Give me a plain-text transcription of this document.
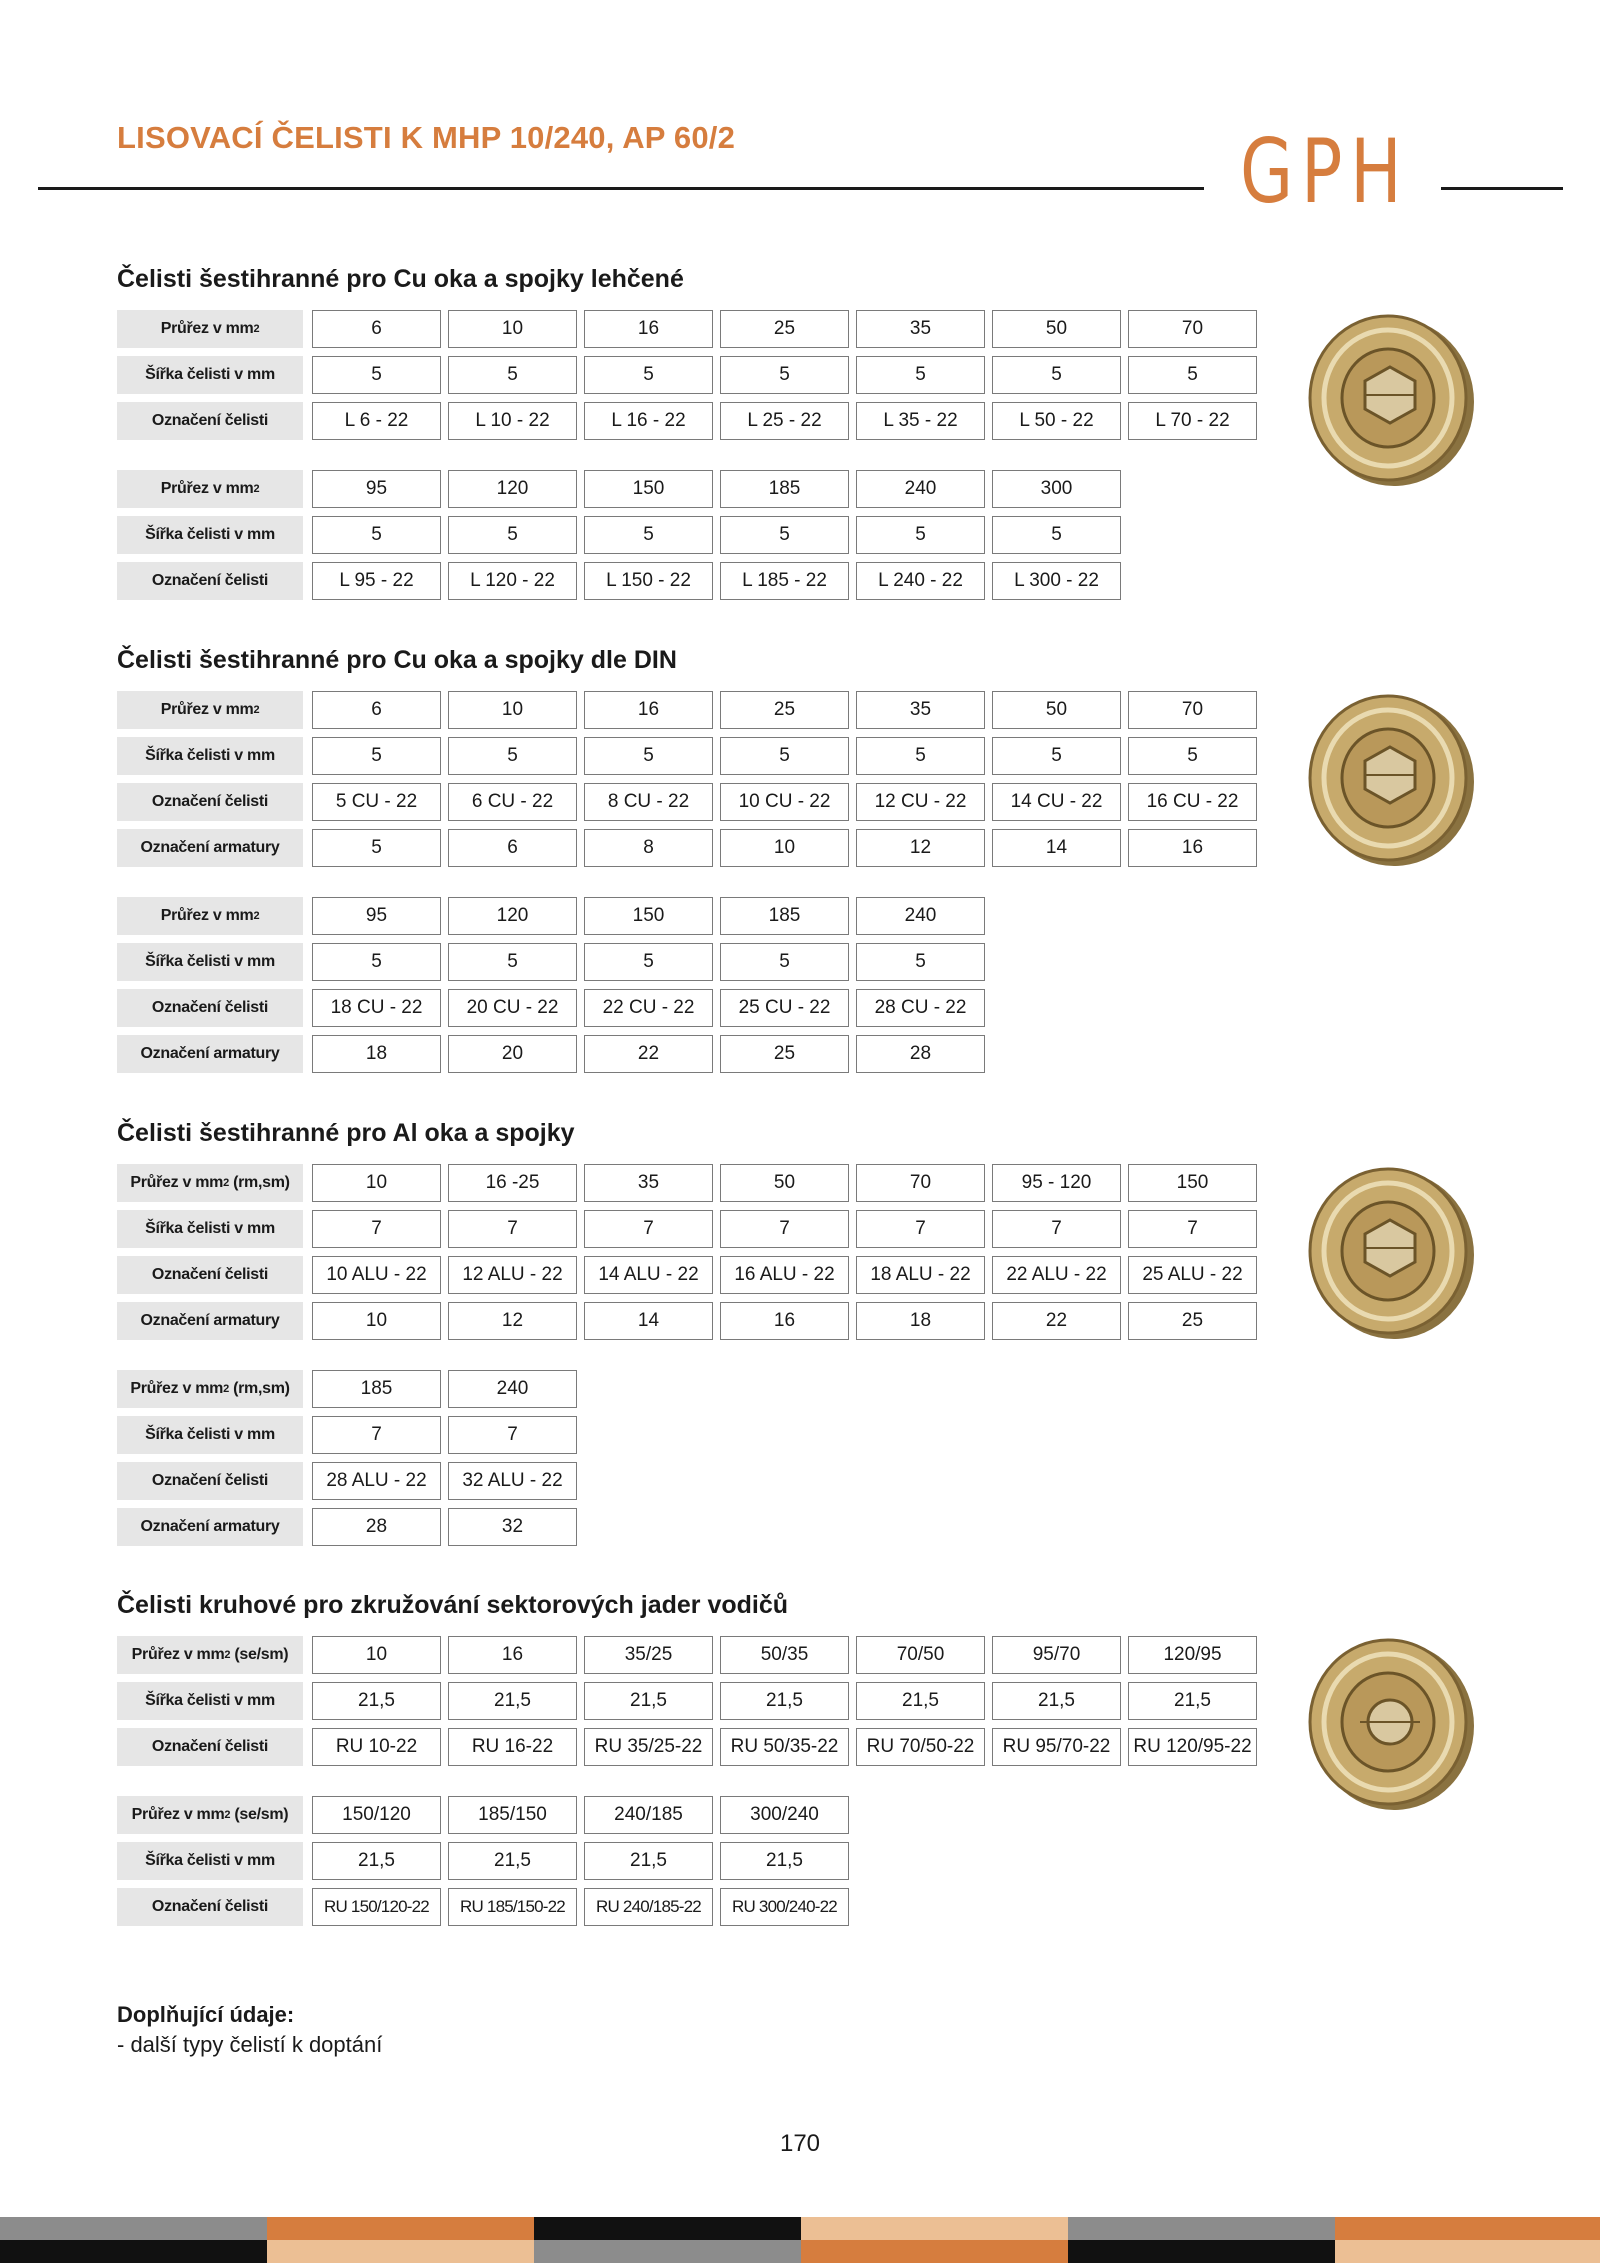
LISOVACÍ ČELISTI K MHP 10/240, AP 60/2	GPH
Čelisti šestihranné pro Cu oka a spojky lehčené
Průřez v mm 2	6	10	16	25	35	50	70
Šířka čelisti v mm	5	5	5	5	5	5	5
Označení čelisti	L 6 - 22	L 10 - 22	L 16 - 22	L 25 - 22	L 35 - 22	L 50 - 22	L 70 - 22
Průřez v mm 2	95	120	150	185	240	300
Šířka čelisti v mm	5	5	5	5	5	5
Označení čelisti	L 95 - 22	L 120 - 22	L 150 - 22	L 185 - 22	L 240 - 22	L 300 - 22
Čelisti šestihranné pro Cu oka a spojky dle DIN
Průřez v mm 2	6	10	16	25	35	50	70
Šířka čelisti v mm	5	5	5	5	5	5	5
Označení čelisti	5 CU - 22	6 CU - 22	8 CU - 22	10 CU - 22	12 CU - 22	14 CU - 22	16 CU - 22
Označení armatury	5	6	8	10	12	14	16
Průřez v mm 2	95	120	150	185	240
Šířka čelisti v mm	5	5	5	5	5
Označení čelisti	18 CU - 22	20 CU - 22	22 CU - 22	25 CU - 22	28 CU - 22
Označení armatury	18	20	22	25	28
Čelisti šestihranné pro Al oka a spojky
Průřez v mm 2 (rm,sm)	10	16 -25	35	50	70	95 - 120	150
Šířka čelisti v mm	7	7	7	7	7	7	7
Označení čelisti	10 ALU - 22	12 ALU - 22	14 ALU - 22	16 ALU - 22	18 ALU - 22	22 ALU - 22	25 ALU - 22
Označení armatury	10	12	14	16	18	22	25
Průřez v mm 2 (rm,sm)	185	240
Šířka čelisti v mm	7	7
Označení čelisti	28 ALU - 22	32 ALU - 22
Označení armatury	28	32
Čelisti kruhové pro zkružování sektorových jader vodičů
Průřez v mm 2 (se/sm)	10	16	35/25	50/35	70/50	95/70	120/95
Šířka čelisti v mm	21,5	21,5	21,5	21,5	21,5	21,5	21,5
Označení čelisti	RU 10-22	RU 16-22	RU 35/25-22	RU 50/35-22	RU 70/50-22	RU 95/70-22	RU 120/95-22
Průřez v mm 2 (se/sm)	150/120	185/150	240/185	300/240
Šířka čelisti v mm	21,5	21,5	21,5	21,5
Označení čelisti	RU 150/120-22	RU 185/150-22	RU 240/185-22	RU 300/240-22
Doplňující údaje:
- další typy čelistí k doptání
170
